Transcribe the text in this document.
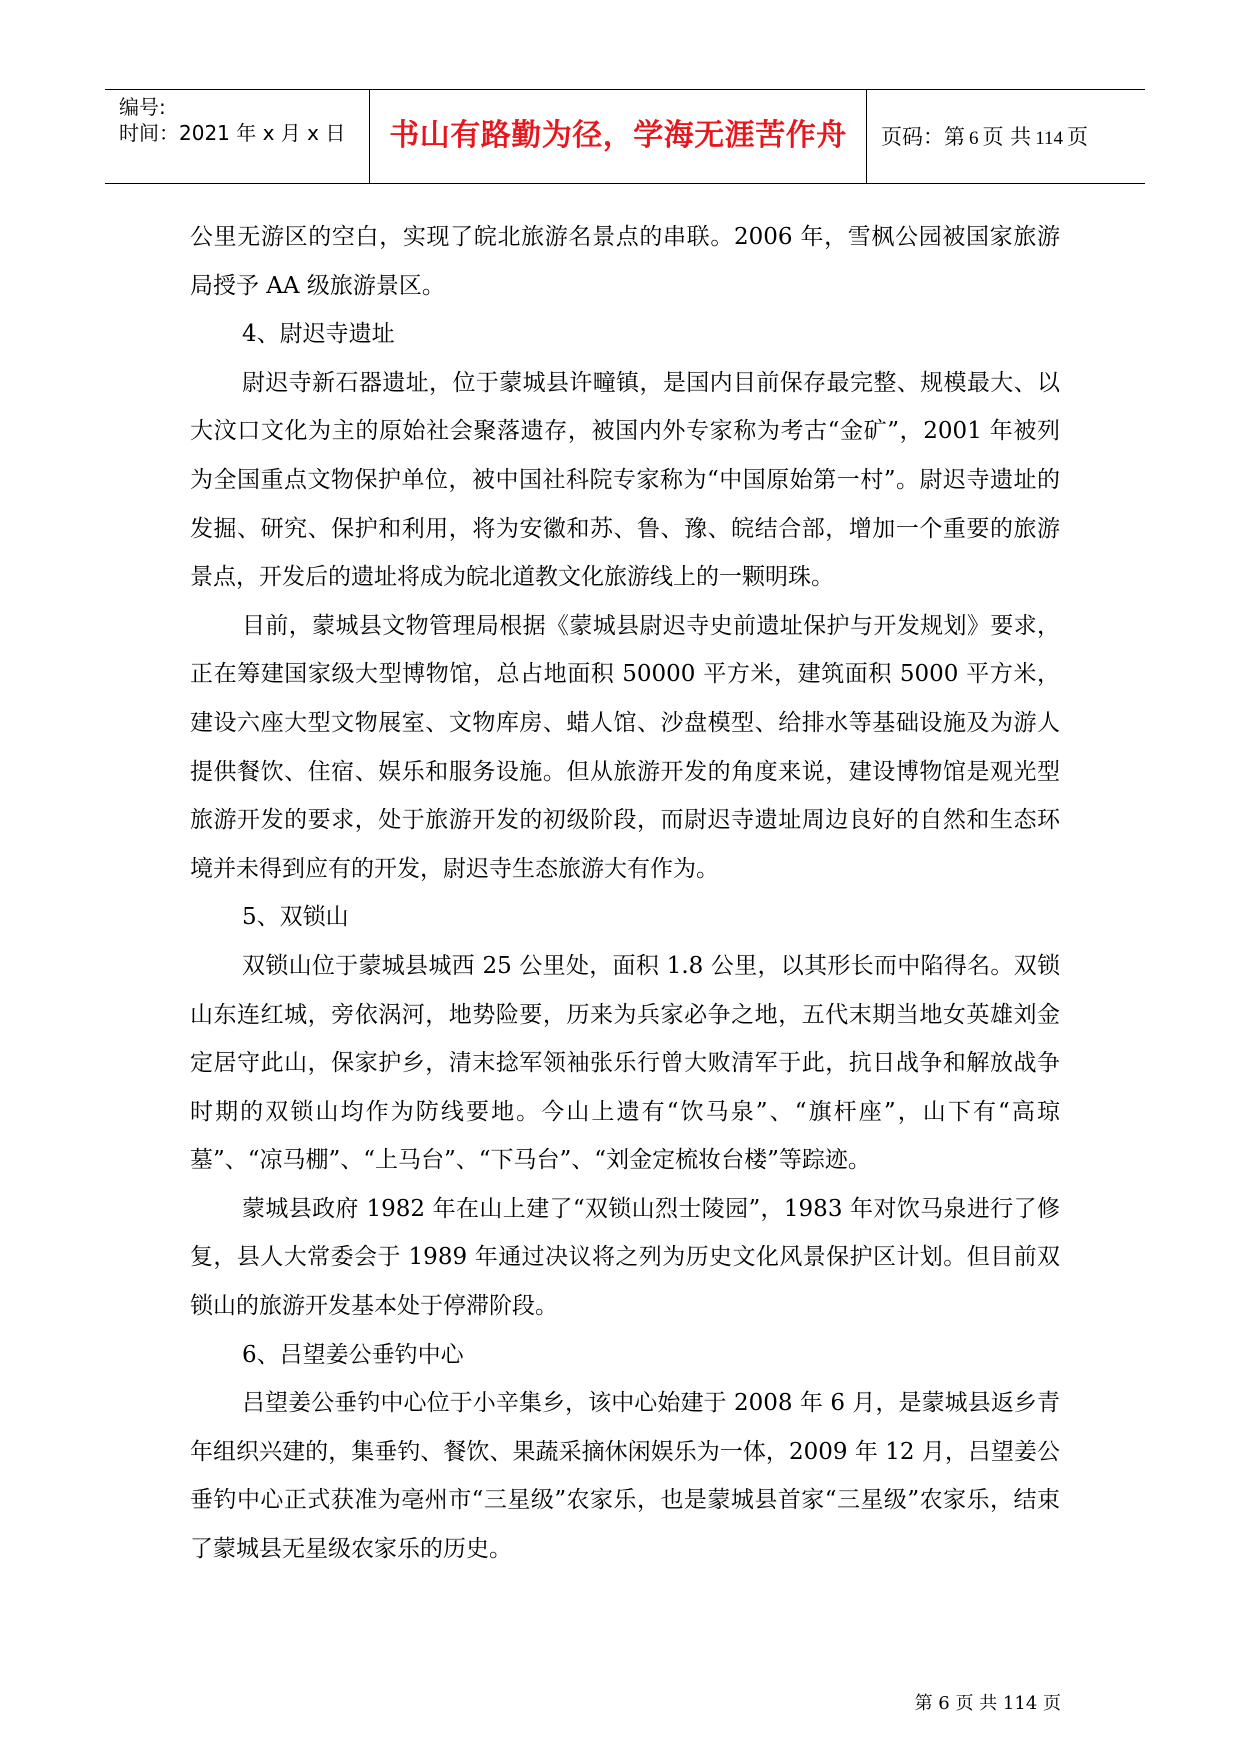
编号:
时间：2021 年 x 月 x 日	书山有路勤为径，学海无涯苦作舟	页码：第 6 页 共 114 页

公里无游区的空白，实现了皖北旅游名景点的串联。2006 年，雪枫公园被国家旅游局授予 AA 级旅游景区。

4、尉迟寺遗址

尉迟寺新石器遗址，位于蒙城县许疃镇，是国内目前保存最完整、规模最大、以大汶口文化为主的原始社会聚落遗存，被国内外专家称为考古“金矿”，2001 年被列为全国重点文物保护单位，被中国社科院专家称为“中国原始第一村”。尉迟寺遗址的发掘、研究、保护和利用，将为安徽和苏、鲁、豫、皖结合部，增加一个重要的旅游景点，开发后的遗址将成为皖北道教文化旅游线上的一颗明珠。

目前，蒙城县文物管理局根据《蒙城县尉迟寺史前遗址保护与开发规划》要求，正在筹建国家级大型博物馆，总占地面积 50000 平方米，建筑面积 5000 平方米，建设六座大型文物展室、文物库房、蜡人馆、沙盘模型、给排水等基础设施及为游人提供餐饮、住宿、娱乐和服务设施。但从旅游开发的角度来说，建设博物馆是观光型旅游开发的要求，处于旅游开发的初级阶段，而尉迟寺遗址周边良好的自然和生态环境并未得到应有的开发，尉迟寺生态旅游大有作为。

5、双锁山

双锁山位于蒙城县城西 25 公里处，面积 1.8 公里，以其形长而中陷得名。双锁山东连红城，旁依涡河，地势险要，历来为兵家必争之地，五代末期当地女英雄刘金定居守此山，保家护乡，清末捻军领袖张乐行曾大败清军于此，抗日战争和解放战争时期的双锁山均作为防线要地。今山上遗有“饮马泉”、“旗杆座”，山下有“高琼墓”、“凉马棚”、“上马台”、“下马台”、“刘金定梳妆台楼”等踪迹。

蒙城县政府 1982 年在山上建了“双锁山烈士陵园”，1983 年对饮马泉进行了修复，县人大常委会于 1989 年通过决议将之列为历史文化风景保护区计划。但目前双锁山的旅游开发基本处于停滞阶段。

6、吕望姜公垂钓中心

吕望姜公垂钓中心位于小辛集乡，该中心始建于 2008 年 6 月，是蒙城县返乡青年组织兴建的，集垂钓、餐饮、果蔬采摘休闲娱乐为一体，2009 年 12 月，吕望姜公垂钓中心正式获准为亳州市“三星级”农家乐，也是蒙城县首家“三星级”农家乐，结束了蒙城县无星级农家乐的历史。

第 6 页 共 114 页
